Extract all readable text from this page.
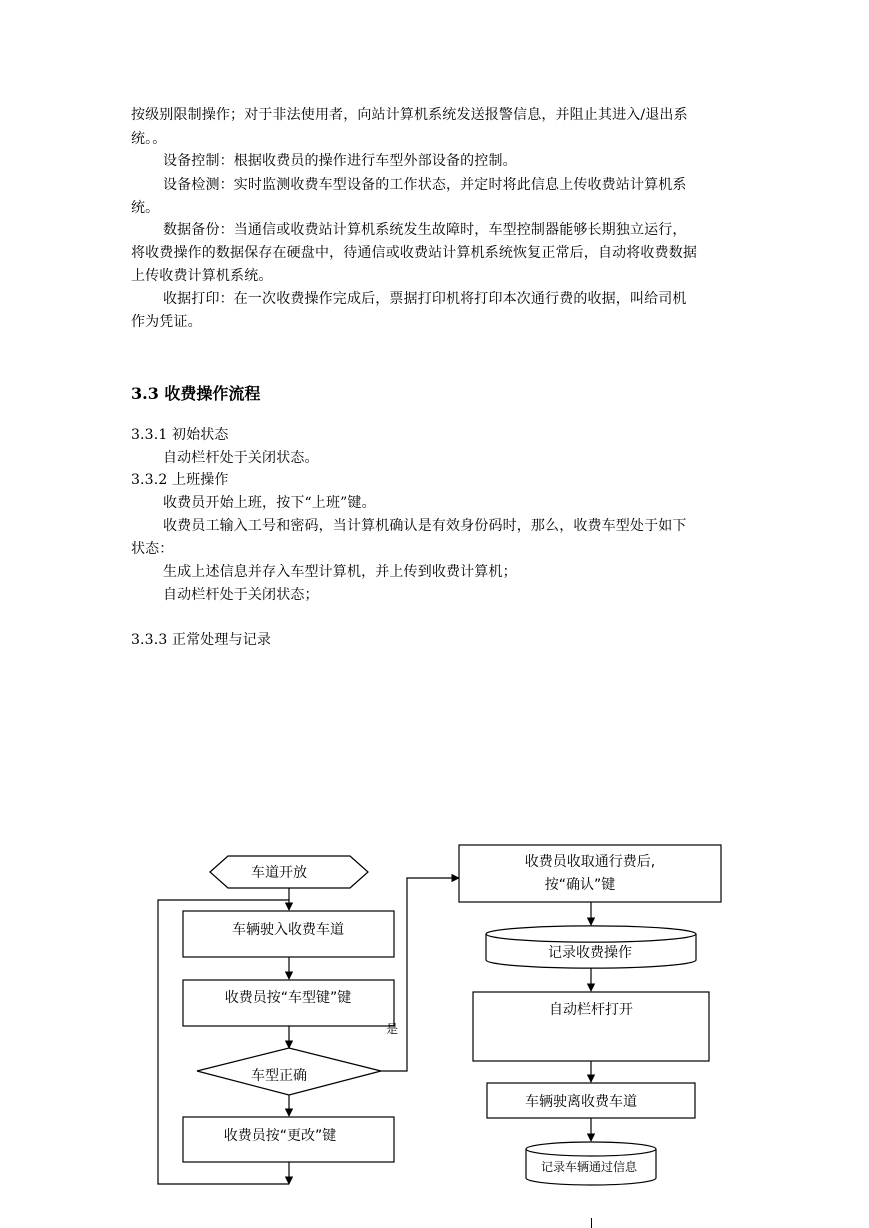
按级别限制操作；对于非法使用者，向站计算机系统发送报警信息，并阻止其进入/退出系
统。。
设备控制：根据收费员的操作进行车型外部设备的控制。
设备检测：实时监测收费车型设备的工作状态，并定时将此信息上传收费站计算机系
统。
数据备份：当通信或收费站计算机系统发生故障时，车型控制器能够长期独立运行，
将收费操作的数据保存在硬盘中，待通信或收费站计算机系统恢复正常后，自动将收费数据
上传收费计算机系统。
收据打印：在一次收费操作完成后，票据打印机将打印本次通行费的收据，叫给司机
作为凭证。
3.3 收费操作流程
3.3.1 初始状态
自动栏杆处于关闭状态。
3.3.2 上班操作
收费员开始上班，按下“上班”键。
收费员工输入工号和密码，当计算机确认是有效身份码时，那么，收费车型处于如下
状态：
生成上述信息并存入车型计算机，并上传到收费计算机；
自动栏杆处于关闭状态；
3.3.3 正常处理与记录
车道开放
车辆驶入收费车道
收费员按“车型键”键
是
车型正确
收费员按“更改”键
收费员收取通行费后,
按“确认”键
记录收费操作
自动栏杆打开
车辆驶离收费车道
记录车辆通过信息
